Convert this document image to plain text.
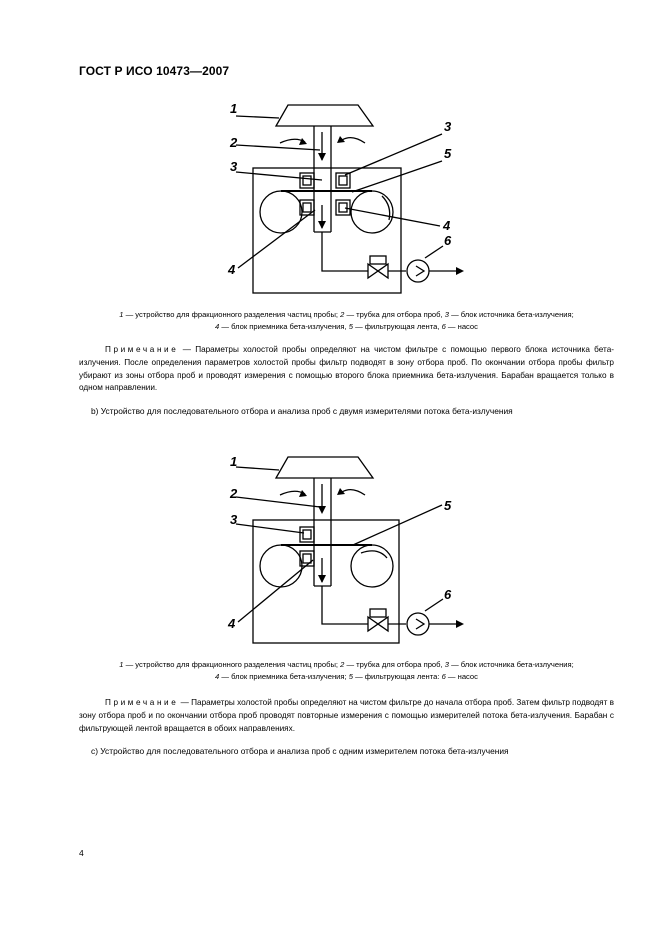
ГОСТ Р ИСО 10473—2007
1
2
3
3
5
4
4
6
1 — устройство для фракционного разделения частиц пробы; 2 — трубка для отбора проб, 3 — блок источника бета-излучения;
4 — блок приемника бета-излучения, 5 — фильтрующая лента, 6 — насос
Примечание — Параметры холостой пробы определяют на чистом фильтре с помощью первого блока источника бета-излучения. После определения параметров холостой пробы фильтр подводят в зону отбора проб. По окончании отбора пробы фильтр убирают из зоны отбора проб и проводят измерения с помощью второго блока приемника бета-излучения. Барабан вращается только в одном направлении.
b) Устройство для последовательного отбора и анализа проб с двумя измерителями потока бета-излучения
1
2
3
5
6
4
1 — устройство для фракционного разделения частиц пробы; 2 — трубка для отбора проб, 3 — блок источника бета-излучения;
4 — блок приемника бета-излучения; 5 — фильтрующая лента: 6 — насос
Примечание — Параметры холостой пробы определяют на чистом фильтре до начала отбора проб. Затем фильтр подводят в зону отбора проб и по окончании отбора проб проводят повторные измерения с помощью измерителей потока бета-излучения. Барабан с фильтрующей лентой вращается в обоих направлениях.
c) Устройство для последовательного отбора и анализа проб с одним измерителем потока бета-излучения
4
